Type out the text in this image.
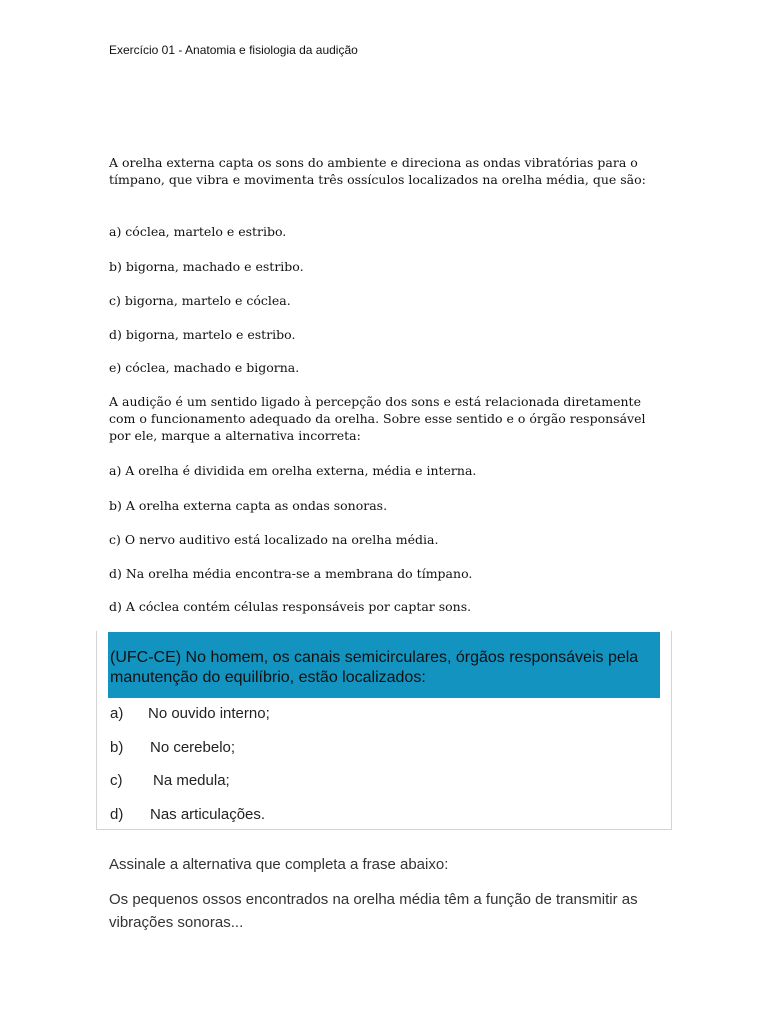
Exercício 01 - Anatomia e fisiologia da audição
A orelha externa capta os sons do ambiente e direciona as ondas vibratórias para o tímpano, que vibra e movimenta três ossículos localizados na orelha média, que são:
a) cóclea, martelo e estribo.
b) bigorna, machado e estribo.
c) bigorna, martelo e cóclea.
d) bigorna, martelo e estribo.
e) cóclea, machado e bigorna.
A audição é um sentido ligado à percepção dos sons e está relacionada diretamente com o funcionamento adequado da orelha. Sobre esse sentido e o órgão responsável por ele, marque a alternativa incorreta:
a) A orelha é dividida em orelha externa, média e interna.
b) A orelha externa capta as ondas sonoras.
c) O nervo auditivo está localizado na orelha média.
d) Na orelha média encontra-se a membrana do tímpano.
d) A cóclea contém células responsáveis por captar sons.
(UFC-CE) No homem, os canais semicirculares, órgãos responsáveis pela manutenção do equilíbrio, estão localizados:
a) No ouvido interno;
b) No cerebelo;
c) Na medula;
d) Nas articulações.
Assinale a alternativa que completa a frase abaixo:
Os pequenos ossos encontrados na orelha média têm a função de transmitir as vibrações sonoras...
